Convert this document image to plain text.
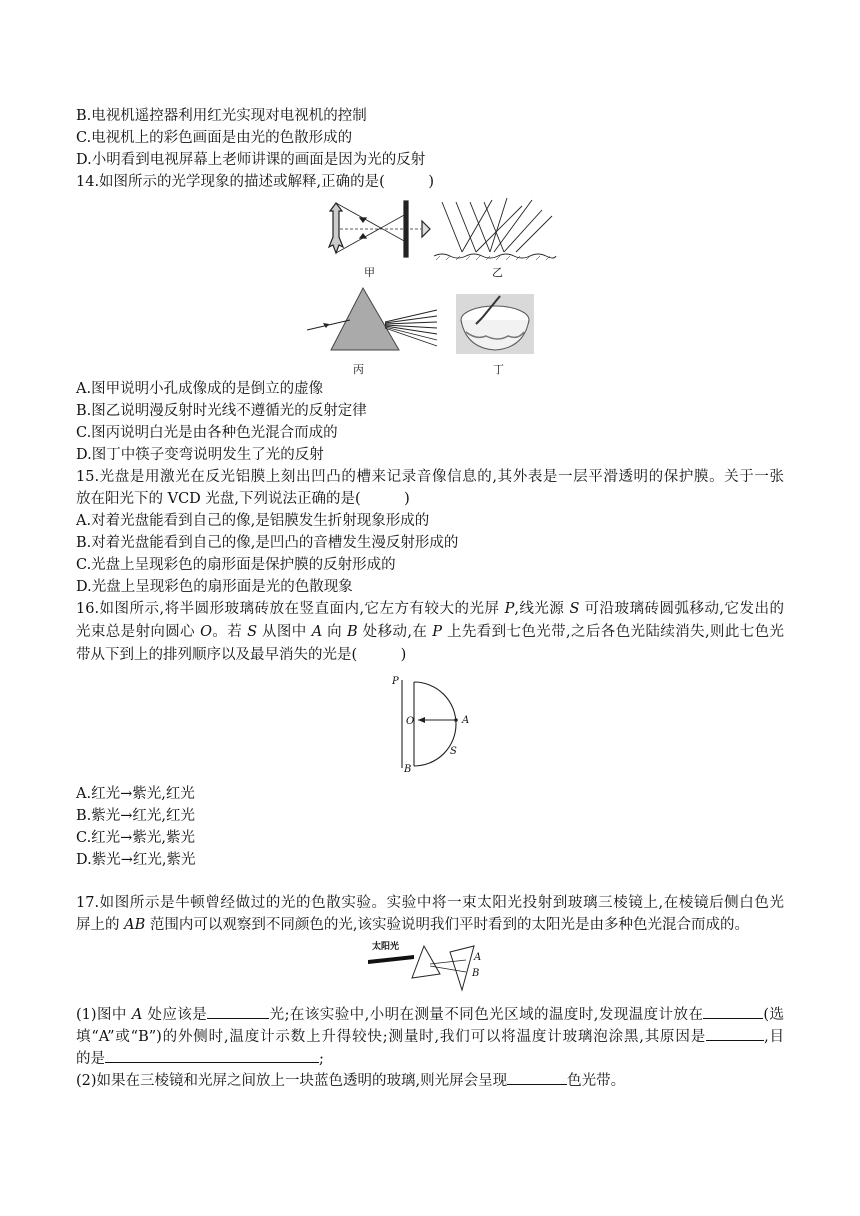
B.电视机遥控器利用红光实现对电视机的控制
C.电视机上的彩色画面是由光的色散形成的
D.小明看到电视屏幕上老师讲课的画面是因为光的反射
14.如图所示的光学现象的描述或解释,正确的是(　　　)
甲	乙
丙	丁
A.图甲说明小孔成像成的是倒立的虚像
B.图乙说明漫反射时光线不遵循光的反射定律
C.图丙说明白光是由各种色光混合而成的
D.图丁中筷子变弯说明发生了光的反射
15.光盘是用激光在反光铝膜上刻出凹凸的槽来记录音像信息的,其外表是一层平滑透明的保护膜。关于一张
放在阳光下的 VCD 光盘,下列说法正确的是(　　　)
A.对着光盘能看到自己的像,是铝膜发生折射现象形成的
B.对着光盘能看到自己的像,是凹凸的音槽发生漫反射形成的
C.光盘上呈现彩色的扇形面是保护膜的反射形成的
D.光盘上呈现彩色的扇形面是光的色散现象
16.如图所示,将半圆形玻璃砖放在竖直面内,它左方有较大的光屏 P,线光源 S 可沿玻璃砖圆弧移动,它发出的
光束总是射向圆心 O。若 S 从图中 A 向 B 处移动,在 P 上先看到七色光带,之后各色光陆续消失,则此七色光
带从下到上的排列顺序以及最早消失的光是(　　　)
P
O	A
S
B
A.红光→紫光,红光
B.紫光→红光,红光
C.红光→紫光,紫光
D.紫光→红光,紫光
17.如图所示是牛顿曾经做过的光的色散实验。实验中将一束太阳光投射到玻璃三棱镜上,在棱镜后侧白色光
屏上的 AB 范围内可以观察到不同颜色的光,该实验说明我们平时看到的太阳光是由多种色光混合而成的。
太阳光
A
B
(1)图中 A 处应该是	光;在该实验中,小明在测量不同色光区域的温度时,发现温度计放在	(选
填“A”或“B”)的外侧时,温度计示数上升得较快;测量时,我们可以将温度计玻璃泡涂黑,其原因是	,目
的是	;
(2)如果在三棱镜和光屏之间放上一块蓝色透明的玻璃,则光屏会呈现	色光带。
